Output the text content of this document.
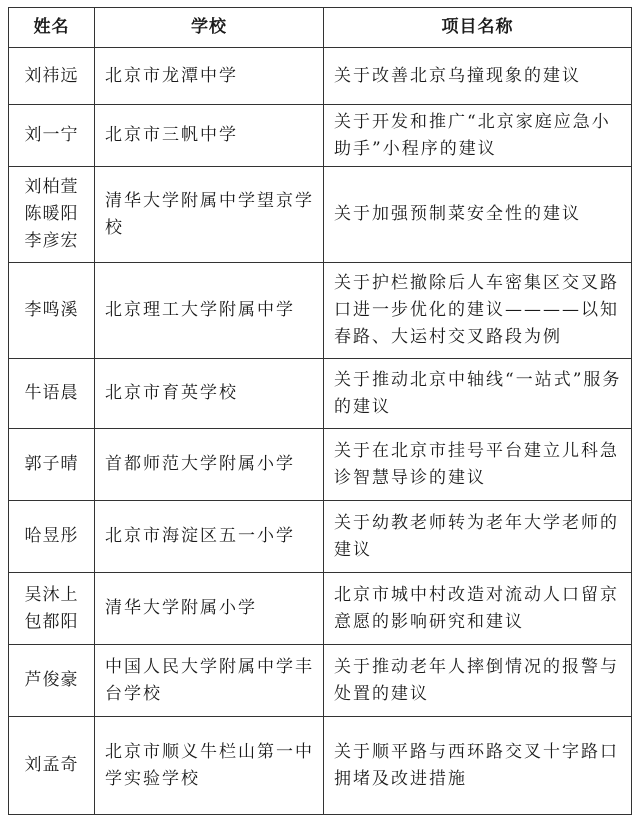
姓名	学校	项目名称

刘祎远	北京市龙潭中学	关于改善北京乌撞现象的建议

刘一宁	北京市三帆中学	关于开发和推广“北京家庭应急小助手”小程序的建议

刘柏萱
陈暖阳
李彦宏	清华大学附属中学望京学校	关于加强预制菜安全性的建议

李鸣溪	北京理工大学附属中学	关于护栏撤除后人车密集区交叉路口进一步优化的建议————以知春路、大运村交叉路段为例

牛语晨	北京市育英学校	关于推动北京中轴线“一站式”服务的建议

郭子晴	首都师范大学附属小学	关于在北京市挂号平台建立儿科急诊智慧导诊的建议

哈昱彤	北京市海淀区五一小学	关于幼教老师转为老年大学老师的建议

吴沐上
包都阳	清华大学附属小学	北京市城中村改造对流动人口留京意愿的影响研究和建议

芦俊豪	中国人民大学附属中学丰台学校	关于推动老年人摔倒情况的报警与处置的建议

刘孟奇	北京市顺义牛栏山第一中学实验学校	关于顺平路与西环路交叉十字路口拥堵及改进措施
